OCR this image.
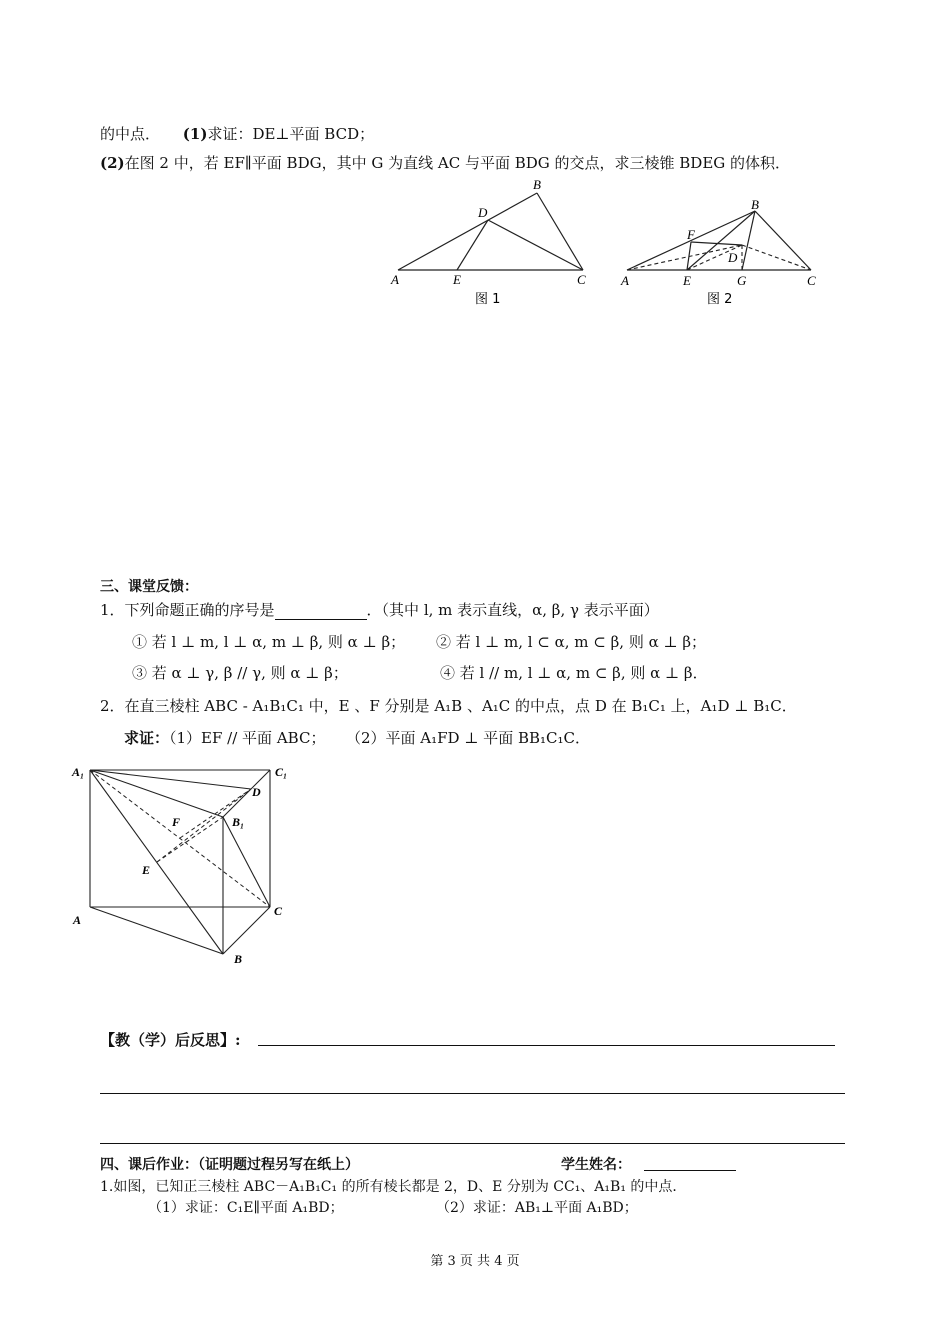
的中点． (1)求证：DE⊥平面 BCD；
(2)在图 2 中，若 EF∥平面 BDG，其中 G 为直线 AC 与平面 BDG 的交点，求三棱锥 BDEG 的体积．
A	E	C
D
B
图 1
A	E	G	C
F
D
B
图 2
三、课堂反馈：
1．下列命题正确的序号是	．（其中 l, m 表示直线，α, β, γ 表示平面）
① 若 l ⊥ m, l ⊥ α, m ⊥ β, 则 α ⊥ β； ② 若 l ⊥ m, l ⊂ α, m ⊂ β, 则 α ⊥ β；
③ 若 α ⊥ γ, β // γ, 则 α ⊥ β；	④ 若 l // m, l ⊥ α, m ⊂ β, 则 α ⊥ β．
2．在直三棱柱 ABC - A₁B₁C₁ 中，E 、F 分别是 A₁B 、A₁C 的中点，点 D 在 B₁C₁ 上，A₁D ⊥ B₁C．
求证：（1）EF // 平面 ABC； （2）平面 A₁FD ⊥ 平面 BB₁C₁C．
A₁	C₁
D
B₁
F
E
A
C
B
【教（学）后反思】:
四、课后作业：（证明题过程另写在纸上）	学生姓名：
1.如图，已知正三棱柱 ABC－A₁B₁C₁ 的所有棱长都是 2，D、E 分别为 CC₁、A₁B₁ 的中点．
（1）求证：C₁E∥平面 A₁BD；	（2）求证：AB₁⊥平面 A₁BD；
第 3 页 共 4 页
